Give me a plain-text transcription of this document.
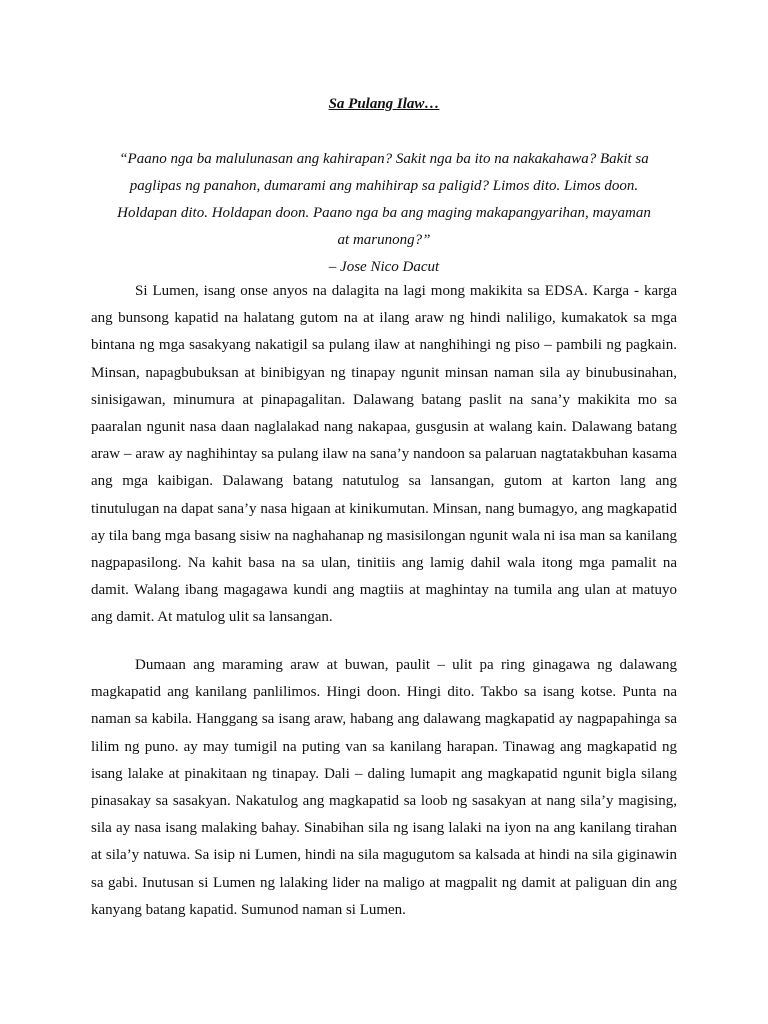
Sa Pulang Ilaw…

“Paano nga ba malulunasan ang kahirapan? Sakit nga ba ito na nakakahawa? Bakit sa paglipas ng panahon, dumarami ang mahihirap sa paligid? Limos dito. Limos doon. Holdapan dito. Holdapan doon. Paano nga ba ang maging makapangyarihan, mayaman at marunong?”

– Jose Nico Dacut

Si Lumen, isang onse anyos na dalagita na lagi mong makikita sa EDSA. Karga - karga ang bunsong kapatid na halatang gutom na at ilang araw ng hindi naliligo, kumakatok sa mga bintana ng mga sasakyang nakatigil sa pulang ilaw at nanghihingi ng piso – pambili ng pagkain. Minsan, napagbubuksan at binibigyan ng tinapay ngunit minsan naman sila ay binubusinahan, sinisigawan, minumura at pinapagalitan. Dalawang batang paslit na sana’y makikita mo sa paaralan ngunit nasa daan naglalakad nang nakapaa, gusgusin at walang kain. Dalawang batang araw – araw ay naghihintay sa pulang ilaw na sana’y nandoon sa palaruan nagtatakbuhan kasama ang mga kaibigan. Dalawang batang natutulog sa lansangan, gutom at karton lang ang tinutulugan na dapat sana’y nasa higaan at kinikumutan. Minsan, nang bumagyo, ang magkapatid ay tila bang mga basang sisiw na naghahanap ng masisilongan ngunit wala ni isa man sa kanilang nagpapasilong. Na kahit basa na sa ulan, tinitiis ang lamig dahil wala itong mga pamalit na damit. Walang ibang magagawa kundi ang magtiis at maghintay na tumila ang ulan at matuyo ang damit. At matulog ulit sa lansangan.

Dumaan ang maraming araw at buwan, paulit – ulit pa ring ginagawa ng dalawang magkapatid ang kanilang panlilimos. Hingi doon. Hingi dito. Takbo sa isang kotse. Punta na naman sa kabila. Hanggang sa isang araw, habang ang dalawang magkapatid ay nagpapahinga sa lilim ng puno. ay may tumigil na puting van sa kanilang harapan. Tinawag ang magkapatid ng isang lalake at pinakitaan ng tinapay. Dali – daling lumapit ang magkapatid ngunit bigla silang pinasakay sa sasakyan. Nakatulog ang magkapatid sa loob ng sasakyan at nang sila’y magising, sila ay nasa isang malaking bahay. Sinabihan sila ng isang lalaki na iyon na ang kanilang tirahan at sila’y natuwa. Sa isip ni Lumen, hindi na sila magugutom sa kalsada at hindi na sila giginawin sa gabi. Inutusan si Lumen ng lalaking lider na maligo at magpalit ng damit at paliguan din ang kanyang batang kapatid. Sumunod naman si Lumen.
